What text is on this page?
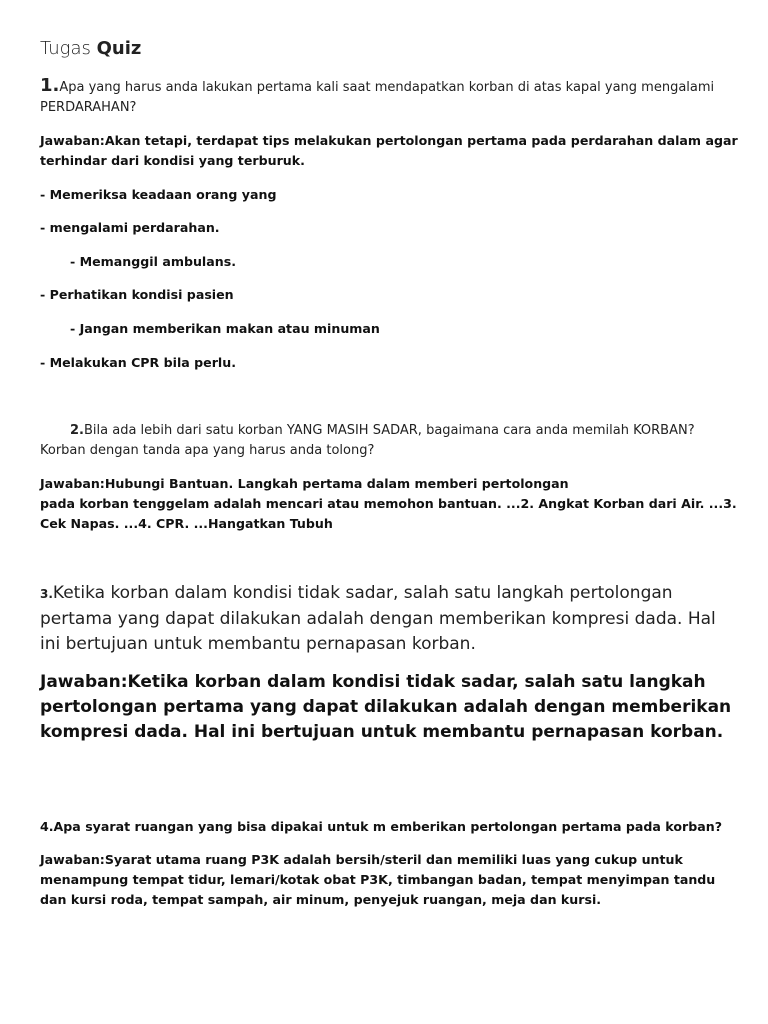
Tugas Quiz
1.Apa yang harus anda lakukan pertama kali saat mendapatkan korban di atas kapal yang mengalami PERDARAHAN?
Jawaban:Akan tetapi, terdapat tips melakukan pertolongan pertama pada perdarahan dalam agar terhindar dari kondisi yang terburuk.
- Memeriksa keadaan orang yang
- mengalami perdarahan.
- Memanggil ambulans.
- Perhatikan kondisi pasien
- Jangan memberikan makan atau minuman
- Melakukan CPR bila perlu.
2.Bila ada lebih dari satu korban YANG MASIH SADAR, bagaimana cara anda memilah KORBAN? Korban dengan tanda apa yang harus anda tolong?
Jawaban:Hubungi Bantuan. Langkah pertama dalam memberi pertolongan
pada korban tenggelam adalah mencari atau memohon bantuan. ...2. Angkat Korban dari Air. ...3. Cek Napas. ...4. CPR. ...Hangatkan Tubuh
3.Ketika korban dalam kondisi tidak sadar, salah satu langkah pertolongan pertama yang dapat dilakukan adalah dengan memberikan kompresi dada. Hal ini bertujuan untuk membantu pernapasan korban.
Jawaban:Ketika korban dalam kondisi tidak sadar, salah satu langkah pertolongan pertama yang dapat dilakukan adalah dengan memberikan kompresi dada. Hal ini bertujuan untuk membantu pernapasan korban.
4.Apa syarat ruangan yang bisa dipakai untuk m emberikan pertolongan pertama pada korban?
Jawaban:Syarat utama ruang P3K adalah bersih/steril dan memiliki luas yang cukup untuk menampung tempat tidur, lemari/kotak obat P3K, timbangan badan, tempat menyimpan tandu dan kursi roda, tempat sampah, air minum, penyejuk ruangan, meja dan kursi.
